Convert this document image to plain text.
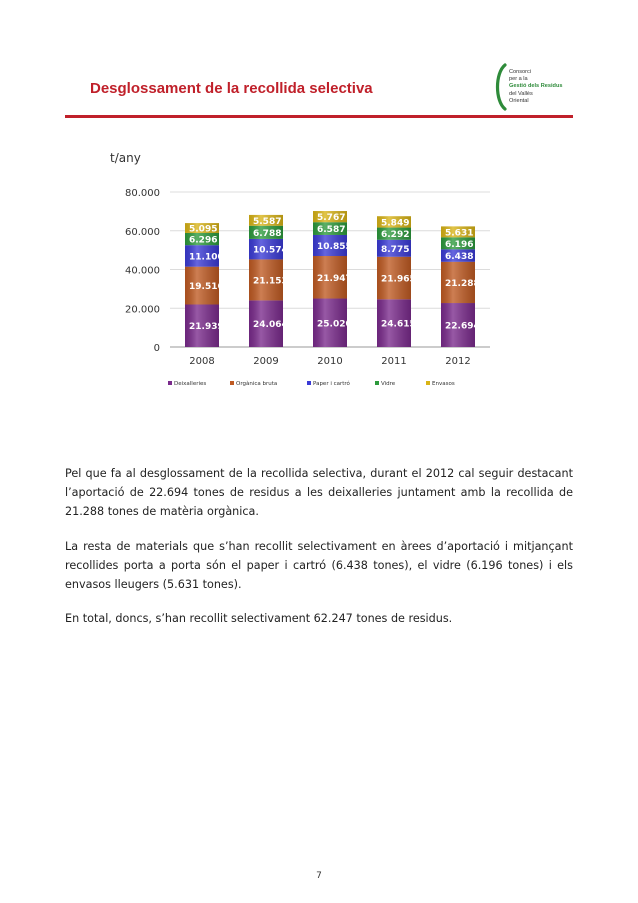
Desglossament de la recollida selectiva
Consorci
per a la
Gestió dels Residus
del Vallès
Oriental
t/any
0
20.000
40.000
60.000
80.000
21.939
19.516
11.100
6.296
5.095
2008
24.064
21.153
10.574
6.788
5.587
2009
25.020
21.947
10.855
6.587
5.767
2010
24.615
21.965
8.775
6.292
5.849
2011
22.694
21.288
6.438
6.196
5.631
2012
Deixalleries	Orgànica bruta	Paper i cartró	Vidre	Envasos

Pel que fa al desglossament de la recollida selectiva, durant el 2012 cal seguir destacant l’aportació de 22.694 tones de residus a les deixalleries juntament amb la recollida de 21.288 tones de matèria orgànica.

La resta de materials que s’han recollit selectivament en àrees d’aportació i mitjançant recollides porta a porta són el paper i cartró (6.438 tones), el vidre (6.196 tones) i els envasos lleugers (5.631 tones).

En total, doncs, s’han recollit selectivament 62.247 tones de residus.

7
